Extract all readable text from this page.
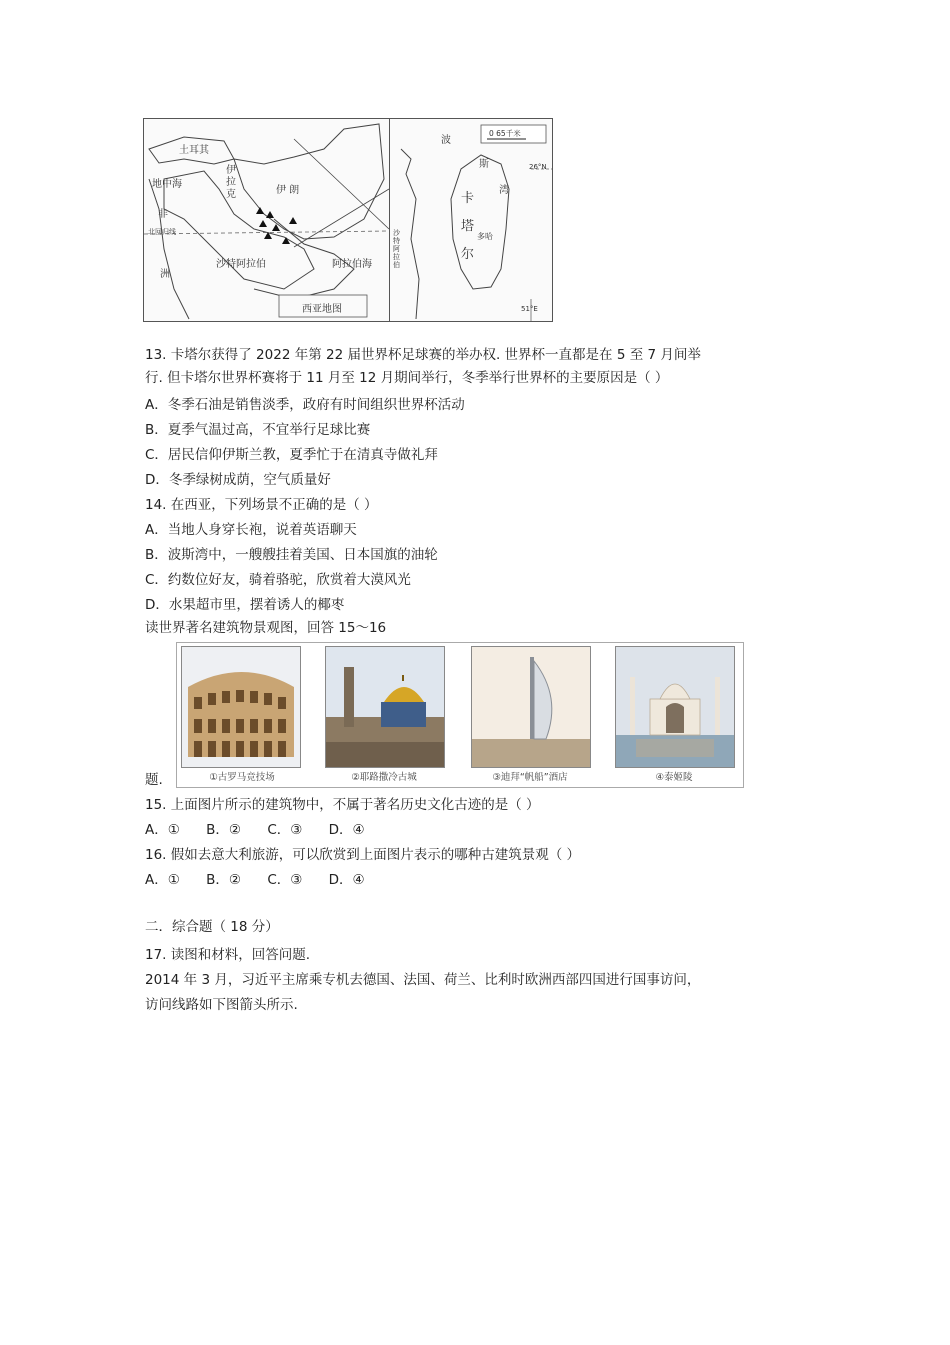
土耳其
地中海
伊
拉
克	伊 朗
非
洲
北回归线
沙特阿拉伯	阿拉伯海
西亚地图
波
斯
湾
0 65千米
26°N
51°E
卡
塔
尔
多哈
沙
特
阿
拉
伯
13. 卡塔尔获得了 2022 年第 22 届世界杯足球赛的举办权. 世界杯一直都是在 5 至 7 月间举
行. 但卡塔尔世界杯赛将于 11 月至 12 月期间举行，冬季举行世界杯的主要原因是（ ）
A．冬季石油是销售淡季，政府有时间组织世界杯活动
B．夏季气温过高，不宜举行足球比赛
C．居民信仰伊斯兰教，夏季忙于在清真寺做礼拜
D．冬季绿树成荫，空气质量好
14. 在西亚，下列场景不正确的是（ ）
A．当地人身穿长袍，说着英语聊天
B．波斯湾中，一艘艘挂着美国、日本国旗的油轮
C．约数位好友，骑着骆驼，欣赏着大漠风光
D．水果超市里，摆着诱人的椰枣
读世界著名建筑物景观图，回答 15～16
①古罗马竞技场	②耶路撒冷古城	③迪拜“帆船”酒店	④泰姬陵
题.
15. 上面图片所示的建筑物中，不属于著名历史文化古迹的是（ ）
A．① B．② C．③ D．④
16. 假如去意大利旅游，可以欣赏到上面图片表示的哪种古建筑景观（ ）
A．① B．② C．③ D．④
二．综合题（ 18 分）
17. 读图和材料，回答问题.
2014 年 3 月，习近平主席乘专机去德国、法国、荷兰、比利时欧洲西部四国进行国事访问，
访问线路如下图箭头所示.
